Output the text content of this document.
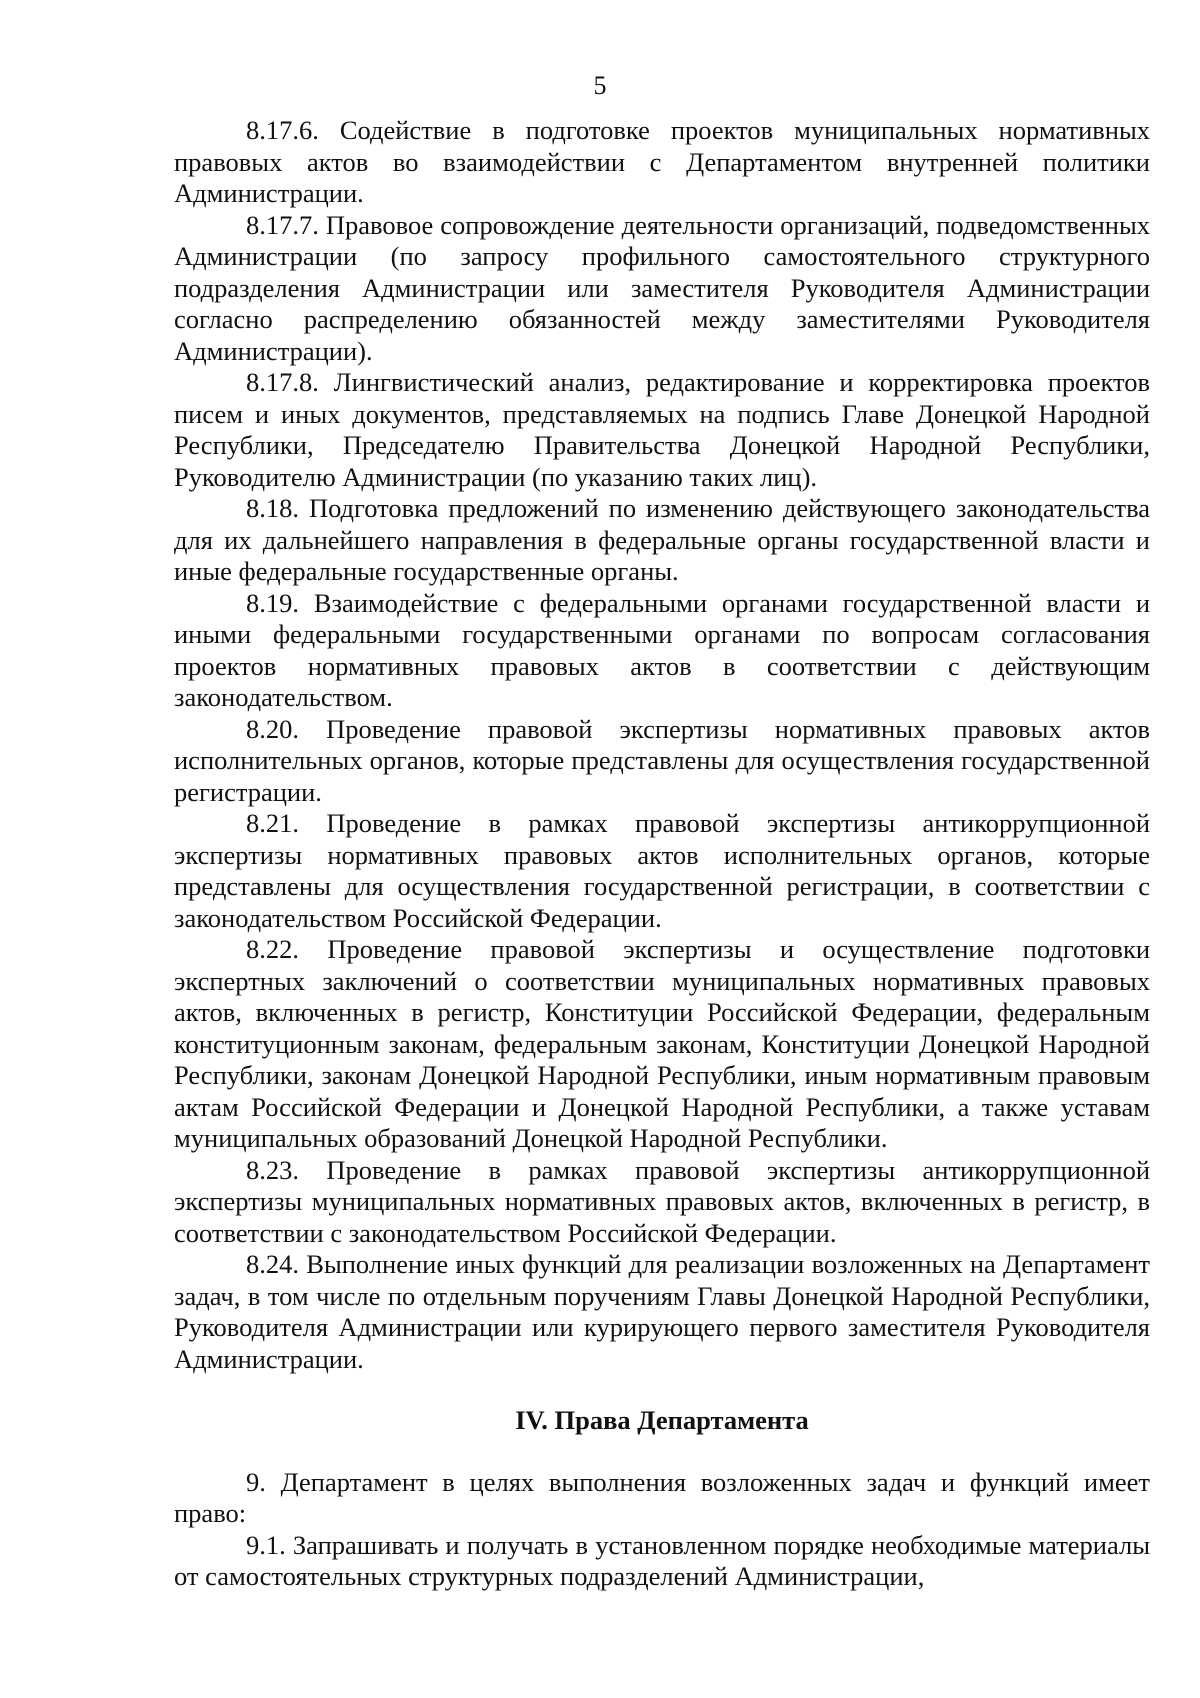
5

8.17.6. Содействие в подготовке проектов муниципальных нормативных правовых актов во взаимодействии с Департаментом внутренней политики Администрации.

8.17.7. Правовое сопровождение деятельности организаций, подведомственных Администрации (по запросу профильного самостоятельного структурного подразделения Администрации или заместителя Руководителя Администрации согласно распределению обязанностей между заместителями Руководителя Администрации).

8.17.8. Лингвистический анализ, редактирование и корректировка проектов писем и иных документов, представляемых на подпись Главе Донецкой Народной Республики, Председателю Правительства Донецкой Народной Республики, Руководителю Администрации (по указанию таких лиц).

8.18. Подготовка предложений по изменению действующего законодательства для их дальнейшего направления в федеральные органы государственной власти и иные федеральные государственные органы.

8.19. Взаимодействие с федеральными органами государственной власти и иными федеральными государственными органами по вопросам согласования проектов нормативных правовых актов в соответствии с действующим законодательством.

8.20. Проведение правовой экспертизы нормативных правовых актов исполнительных органов, которые представлены для осуществления государственной регистрации.

8.21. Проведение в рамках правовой экспертизы антикоррупционной экспертизы нормативных правовых актов исполнительных органов, которые представлены для осуществления государственной регистрации, в соответствии с законодательством Российской Федерации.

8.22. Проведение правовой экспертизы и осуществление подготовки экспертных заключений о соответствии муниципальных нормативных правовых актов, включенных в регистр, Конституции Российской Федерации, федеральным конституционным законам, федеральным законам, Конституции Донецкой Народной Республики, законам Донецкой Народной Республики, иным нормативным правовым актам Российской Федерации и Донецкой Народной Республики, а также уставам муниципальных образований Донецкой Народной Республики.

8.23. Проведение в рамках правовой экспертизы антикоррупционной экспертизы муниципальных нормативных правовых актов, включенных в регистр, в соответствии с законодательством Российской Федерации.

8.24. Выполнение иных функций для реализации возложенных на Департамент задач, в том числе по отдельным поручениям Главы Донецкой Народной Республики, Руководителя Администрации или курирующего первого заместителя Руководителя Администрации.

IV. Права Департамента

9. Департамент в целях выполнения возложенных задач и функций имеет право:

9.1. Запрашивать и получать в установленном порядке необходимые материалы от самостоятельных структурных подразделений Администрации,
